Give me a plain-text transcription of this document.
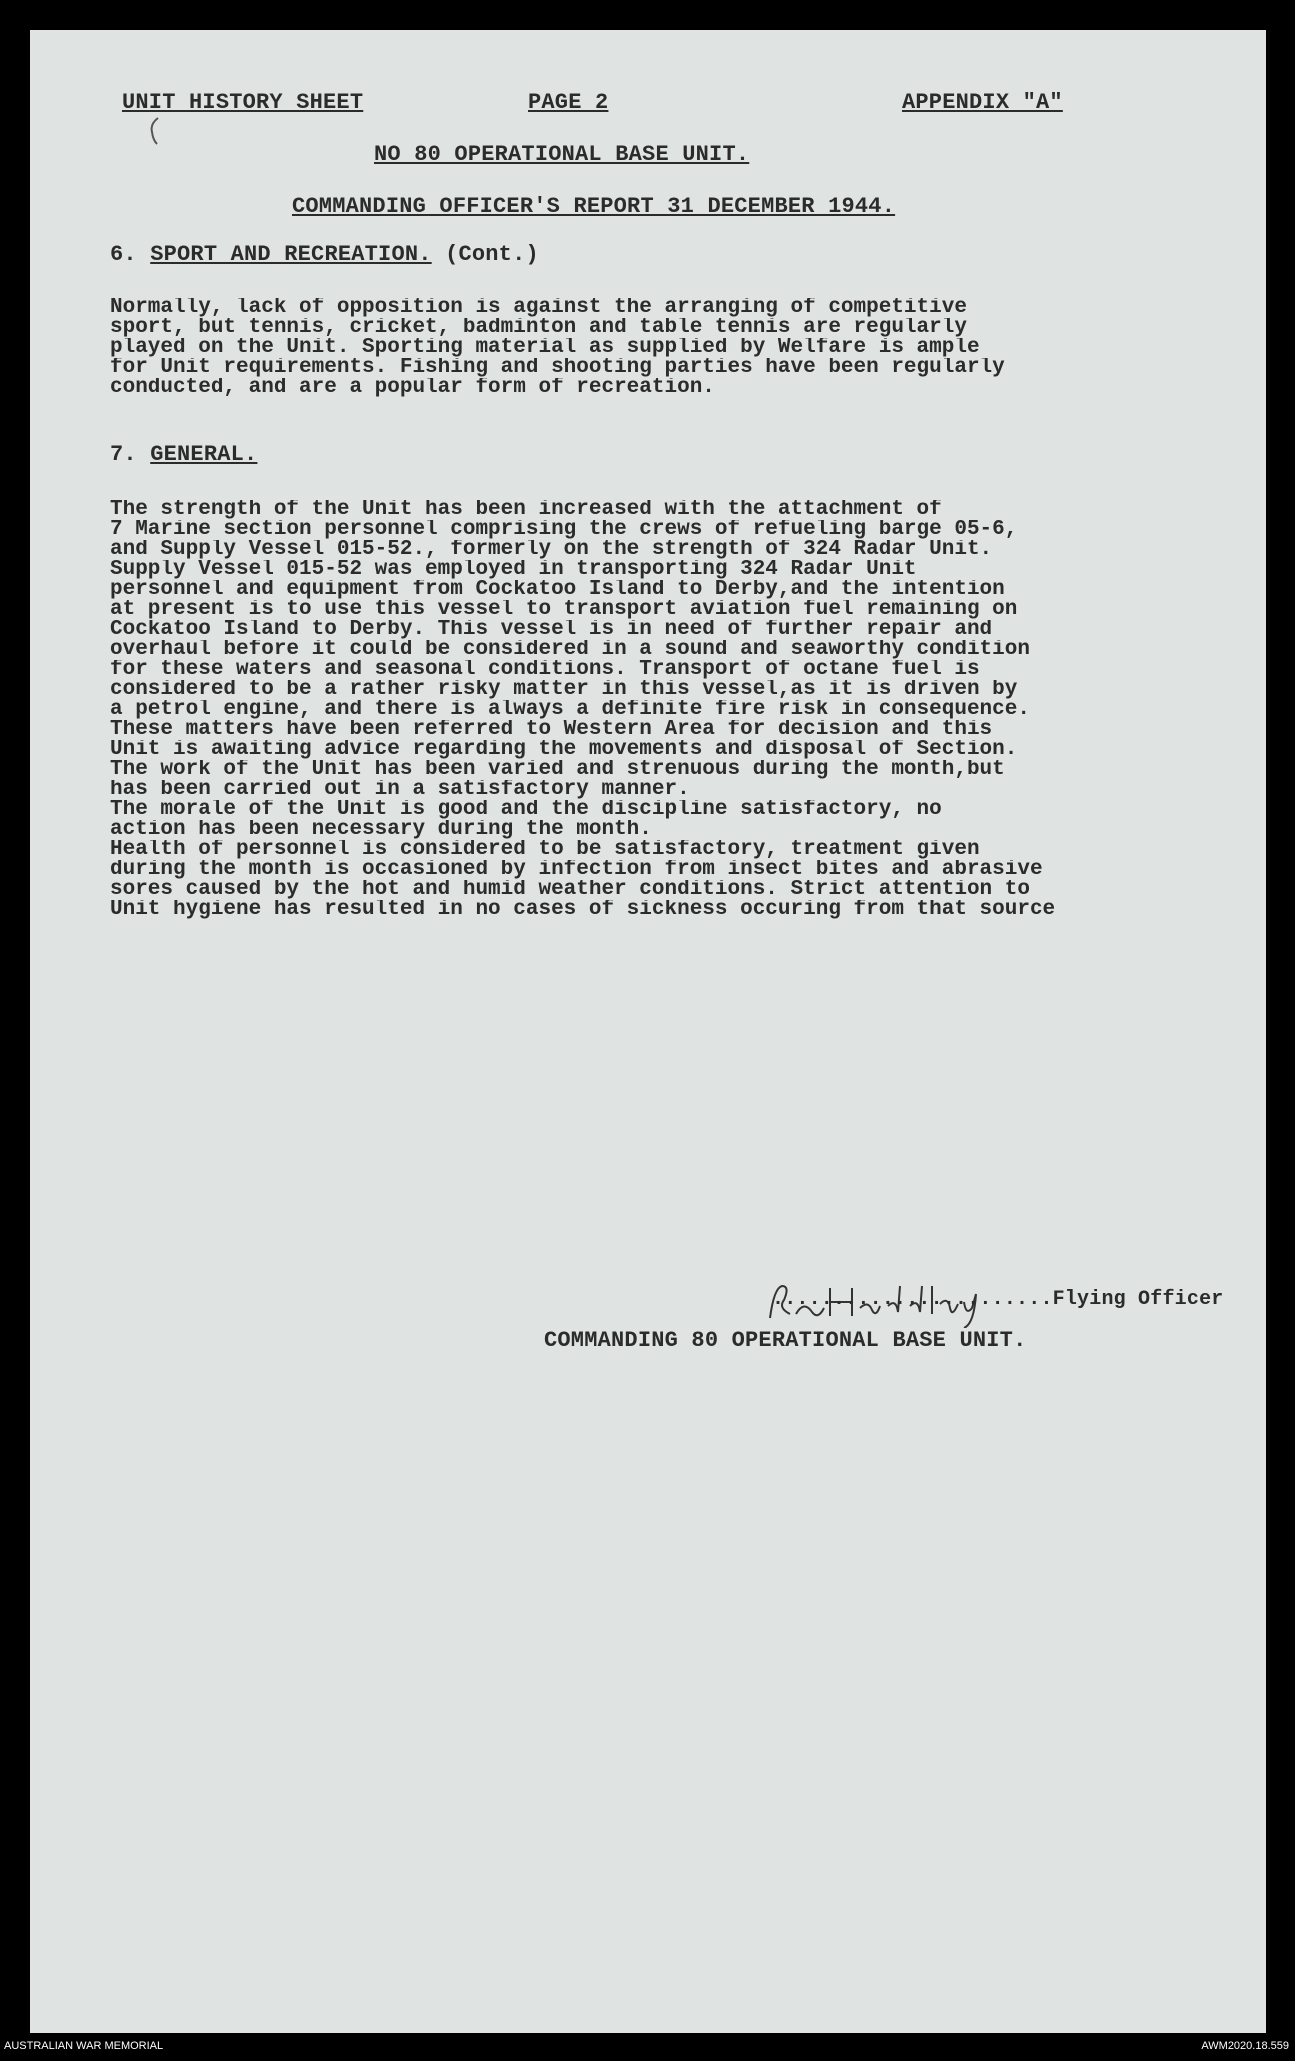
UNIT HISTORY SHEET	PAGE 2	APPENDIX "A"
NO 80 OPERATIONAL BASE UNIT.
COMMANDING OFFICER'S REPORT 31 DECEMBER 1944.
6. SPORT AND RECREATION. (Cont.)
Normally, lack of opposition is against the arranging of competitive
sport, but tennis, cricket, badminton and table tennis are regularly
played on the Unit. Sporting material as supplied by Welfare is ample
for Unit requirements. Fishing and shooting parties have been regularly
conducted, and are a popular form of recreation.
7. GENERAL.
The strength of the Unit has been increased with the attachment of
7 Marine section personnel comprising the crews of refueling barge 05-6,
and Supply Vessel 015-52., formerly on the strength of 324 Radar Unit.
Supply Vessel 015-52 was employed in transporting 324 Radar Unit
personnel and equipment from Cockatoo Island to Derby,and the intention
at present is to use this vessel to transport aviation fuel remaining on
Cockatoo Island to Derby. This vessel is in need of further repair and
overhaul before it could be considered in a sound and seaworthy condition
for these waters and seasonal conditions. Transport of octane fuel is
considered to be a rather risky matter in this vessel,as it is driven by
a petrol engine, and there is always a definite fire risk in consequence.
These matters have been referred to Western Area for decision and this
Unit is awaiting advice regarding the movements and disposal of Section.
The work of the Unit has been varied and strenuous during the month,but
has been carried out in a satisfactory manner.
The morale of the Unit is good and the discipline satisfactory, no
action has been necessary during the month.
Health of personnel is considered to be satisfactory, treatment given
during the month is occasioned by infection from insect bites and abrasive
sores caused by the hot and humid weather conditions. Strict attention to
Unit hygiene has resulted in no cases of sickness occuring from that source
.......................Flying Officer
COMMANDING 80 OPERATIONAL BASE UNIT.
AUSTRALIAN WAR MEMORIAL	AWM2020.18.559
